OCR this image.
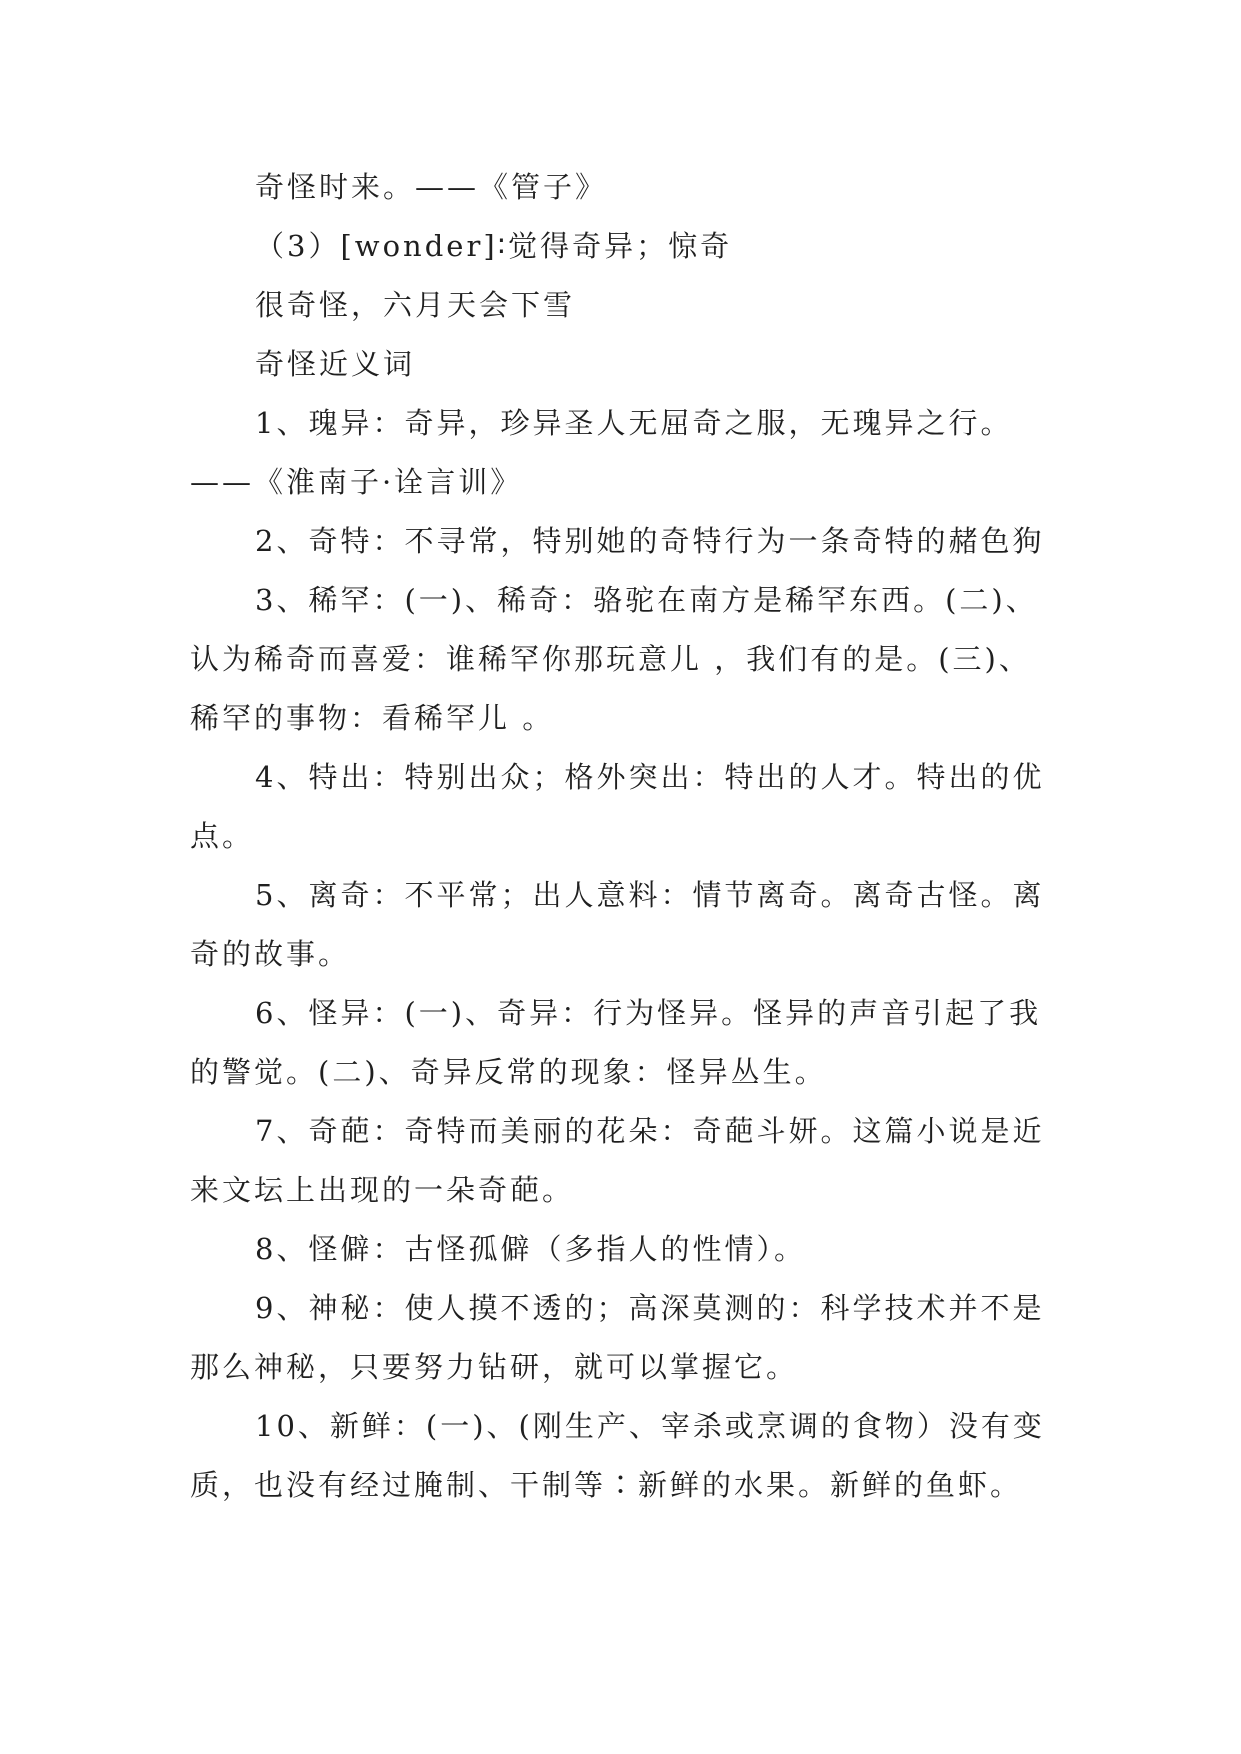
奇怪时来。——《管子》

（3）[wonder]∶觉得奇异；惊奇

很奇怪，六月天会下雪

奇怪近义词

1、瑰异：奇异，珍异圣人无屈奇之服，无瑰异之行。——《淮南子·诠言训》

2、奇特：不寻常，特别她的奇特行为一条奇特的赭色狗

3、稀罕：(一)、稀奇：骆驼在南方是稀罕东西。(二)、认为稀奇而喜爱：谁稀罕你那玩意儿 ，我们有的是。(三)、稀罕的事物：看稀罕儿 。

4、特出：特别出众；格外突出：特出的人才。特出的优点。

5、离奇：不平常；出人意料：情节离奇。离奇古怪。离奇的故事。

6、怪异：(一)、奇异：行为怪异。怪异的声音引起了我的警觉。(二)、奇异反常的现象：怪异丛生。

7、奇葩：奇特而美丽的花朵：奇葩斗妍。这篇小说是近来文坛上出现的一朵奇葩。

8、怪僻：古怪孤僻（多指人的性情）。

9、神秘：使人摸不透的；高深莫测的：科学技术并不是那么神秘，只要努力钻研，就可以掌握它。

10、新鲜：(一)、(刚生产、宰杀或烹调的食物）没有变质，也没有经过腌制、干制等∶新鲜的水果。新鲜的鱼虾。
